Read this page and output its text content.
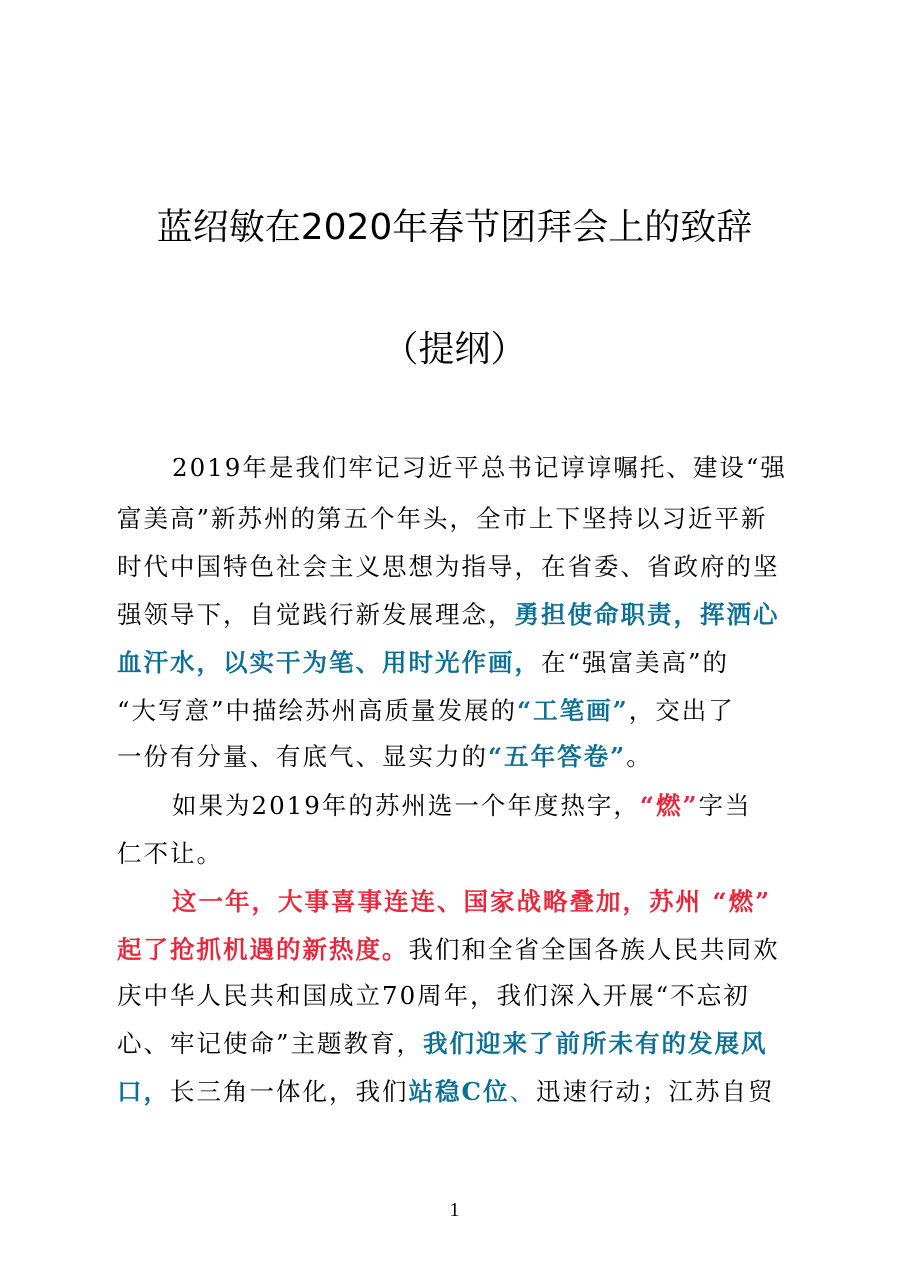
蓝绍敏在2020年春节团拜会上的致辞
（提纲）
2019年是我们牢记习近平总书记谆谆嘱托、建设“强
富美高”新苏州的第五个年头，全市上下坚持以习近平新
时代中国特色社会主义思想为指导，在省委、省政府的坚
强领导下，自觉践行新发展理念，勇担使命职责，挥洒心
血汗水，以实干为笔、用时光作画，在“强富美高”的
“大写意”中描绘苏州高质量发展的“工笔画”，交出了
一份有分量、有底气、显实力的“五年答卷”。
如果为2019年的苏州选一个年度热字，“燃”字当
仁不让。
这一年，大事喜事连连、国家战略叠加，苏州 “燃”
起了抢抓机遇的新热度。我们和全省全国各族人民共同欢
庆中华人民共和国成立70周年，我们深入开展“不忘初
心、牢记使命”主题教育，我们迎来了前所未有的发展风
口，长三角一体化，我们站稳C位、迅速行动；江苏自贸
1
